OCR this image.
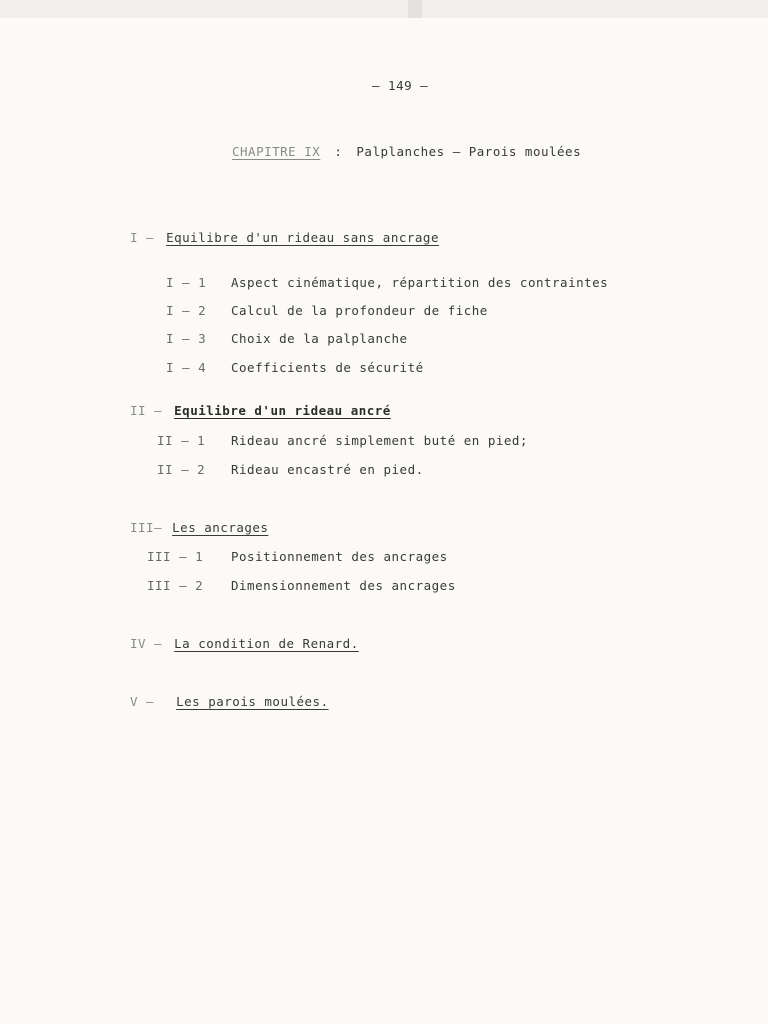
– 149 –
CHAPITRE IX : Palplanches – Parois moulées
I – Equilibre d'un rideau sans ancrage
I – 1 Aspect cinématique, répartition des contraintes
I – 2 Calcul de la profondeur de fiche
I – 3 Choix de la palplanche
I – 4 Coefficients de sécurité
II – Equilibre d'un rideau ancré
II – 1 Rideau ancré simplement buté en pied;
II – 2 Rideau encastré en pied.
III– Les ancrages
III – 1 Positionnement des ancrages
III – 2 Dimensionnement des ancrages
IV – La condition de Renard.
V – Les parois moulées.
